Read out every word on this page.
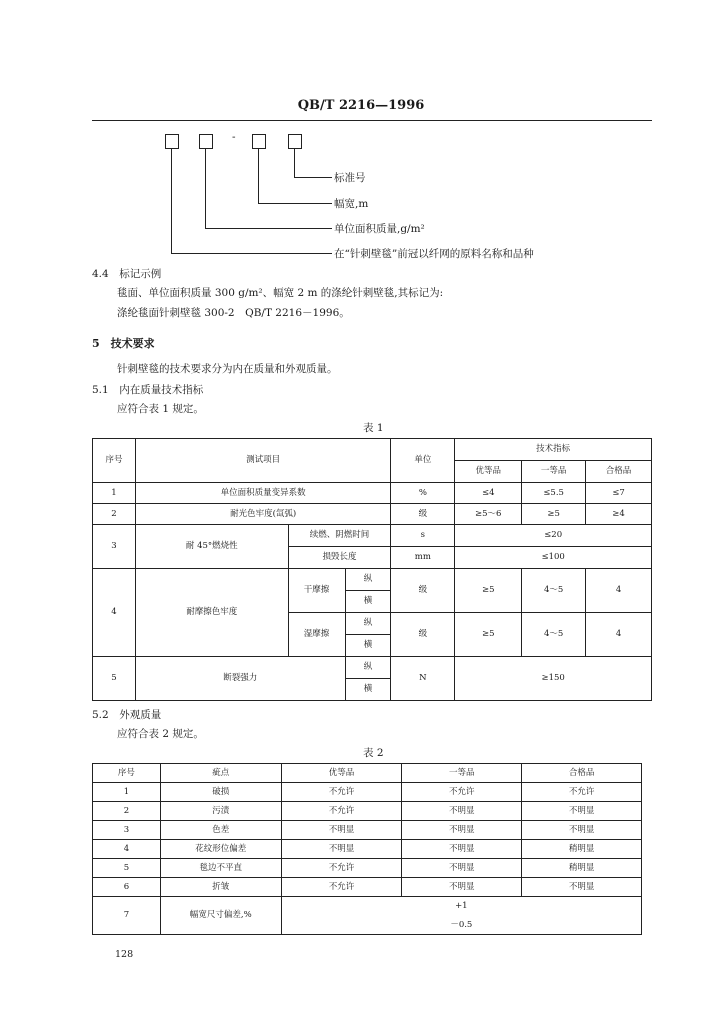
QB/T 2216—1996
-
标准号
幅宽,m
单位面积质量,g/m²
在“针刺壁毯”前冠以纤网的原料名称和品种
4.4　标记示例
毯面、单位面积质量 300 g/m²、幅宽 2 m 的涤纶针刺壁毯,其标记为:
涤纶毯面针刺壁毯 300-2　QB/T 2216－1996。
5　技术要求
针刺壁毯的技术要求分为内在质量和外观质量。
5.1　内在质量技术指标
应符合表 1 规定。
表 1
序号	测试项目			单位	技术指标		
					优等品	一等品	合格品
1	单位面积质量变异系数			%	≤4	≤5.5	≤7
2	耐光色牢度(氙弧)			级	≥5～6	≥5	≥4
3	耐 45°燃烧性	续燃、阴燃时间		s	≤20		
		损毁长度		mm	≤100		
4	耐摩擦色牢度	干摩擦	纵	级	≥5	4～5	4
			横				
		湿摩擦	纵	级	≥5	4～5	4
			横				
5	断裂强力		纵	N	≥150		
			横				
5.2　外观质量
应符合表 2 规定。
表 2
序号	疵点	优等品	一等品	合格品
1	破损	不允许	不允许	不允许
2	污渍	不允许	不明显	不明显
3	色差	不明显	不明显	不明显
4	花纹形位偏差	不明显	不明显	稍明显
5	毯边不平直	不允许	不明显	稍明显
6	折皱	不允许	不明显	不明显
7	幅宽尺寸偏差,%	+1		
		－0.5		
128
